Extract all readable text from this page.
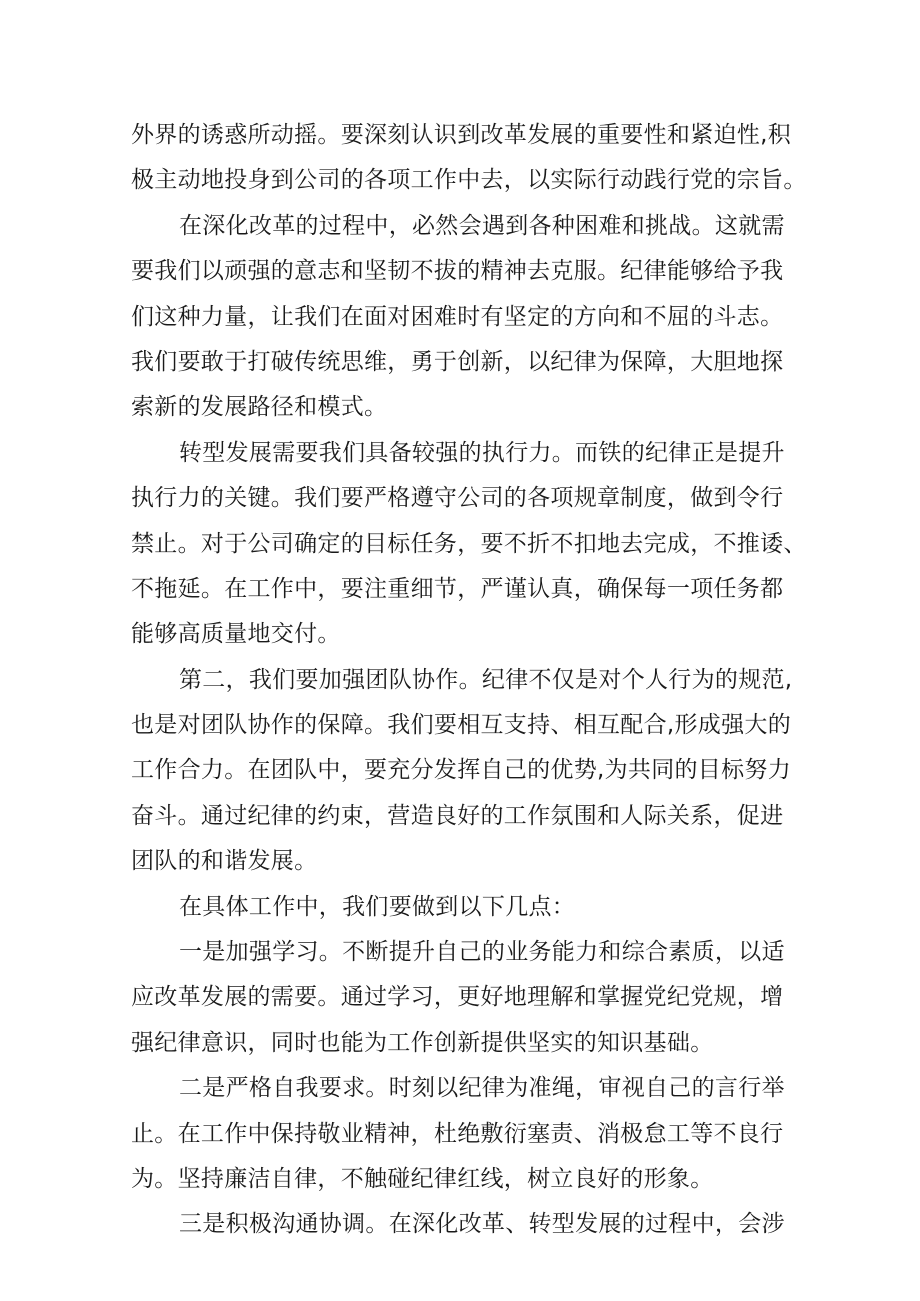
外界的诱惑所动摇。要深刻认识到改革发展的重要性和紧迫性,积
极主动地投身到公司的各项工作中去，以实际行动践行党的宗旨。
在深化改革的过程中，必然会遇到各种困难和挑战。这就需
要我们以顽强的意志和坚韧不拔的精神去克服。纪律能够给予我
们这种力量，让我们在面对困难时有坚定的方向和不屈的斗志。
我们要敢于打破传统思维，勇于创新，以纪律为保障，大胆地探
索新的发展路径和模式。
转型发展需要我们具备较强的执行力。而铁的纪律正是提升
执行力的关键。我们要严格遵守公司的各项规章制度，做到令行
禁止。对于公司确定的目标任务，要不折不扣地去完成，不推诿、
不拖延。在工作中，要注重细节，严谨认真，确保每一项任务都
能够高质量地交付。
第二，我们要加强团队协作。纪律不仅是对个人行为的规范,
也是对团队协作的保障。我们要相互支持、相互配合,形成强大的
工作合力。在团队中，要充分发挥自己的优势,为共同的目标努力
奋斗。通过纪律的约束，营造良好的工作氛围和人际关系，促进
团队的和谐发展。
在具体工作中，我们要做到以下几点：
一是加强学习。不断提升自己的业务能力和综合素质，以适
应改革发展的需要。通过学习，更好地理解和掌握党纪党规，增
强纪律意识，同时也能为工作创新提供坚实的知识基础。
二是严格自我要求。时刻以纪律为准绳，审视自己的言行举
止。在工作中保持敬业精神，杜绝敷衍塞责、消极怠工等不良行
为。坚持廉洁自律，不触碰纪律红线，树立良好的形象。
三是积极沟通协调。在深化改革、转型发展的过程中，会涉
